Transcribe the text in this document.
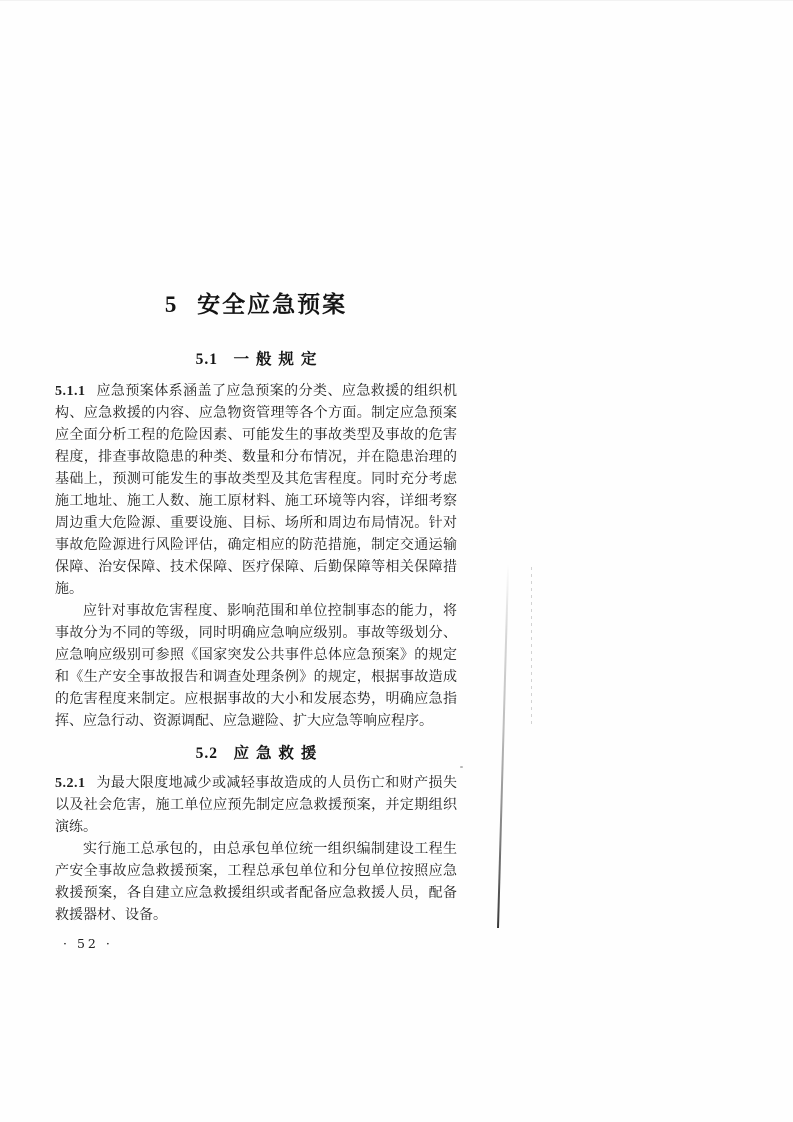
5 安全应急预案
5.1 一般规定

5.1.1 应急预案体系涵盖了应急预案的分类、应急救援的组织机构、应急救援的内容、应急物资管理等各个方面。制定应急预案应全面分析工程的危险因素、可能发生的事故类型及事故的危害程度，排查事故隐患的种类、数量和分布情况，并在隐患治理的基础上，预测可能发生的事故类型及其危害程度。同时充分考虑施工地址、施工人数、施工原材料、施工环境等内容，详细考察周边重大危险源、重要设施、目标、场所和周边布局情况。针对事故危险源进行风险评估，确定相应的防范措施，制定交通运输保障、治安保障、技术保障、医疗保障、后勤保障等相关保障措施。

应针对事故危害程度、影响范围和单位控制事态的能力，将事故分为不同的等级，同时明确应急响应级别。事故等级划分、应急响应级别可参照《国家突发公共事件总体应急预案》的规定和《生产安全事故报告和调查处理条例》的规定，根据事故造成的危害程度来制定。应根据事故的大小和发展态势，明确应急指挥、应急行动、资源调配、应急避险、扩大应急等响应程序。

5.2 应急救援

5.2.1 为最大限度地减少或减轻事故造成的人员伤亡和财产损失以及社会危害，施工单位应预先制定应急救援预案，并定期组织演练。

实行施工总承包的，由总承包单位统一组织编制建设工程生产安全事故应急救援预案，工程总承包单位和分包单位按照应急救援预案，各自建立应急救援组织或者配备应急救援人员，配备救援器材、设备。

· 52 ·
